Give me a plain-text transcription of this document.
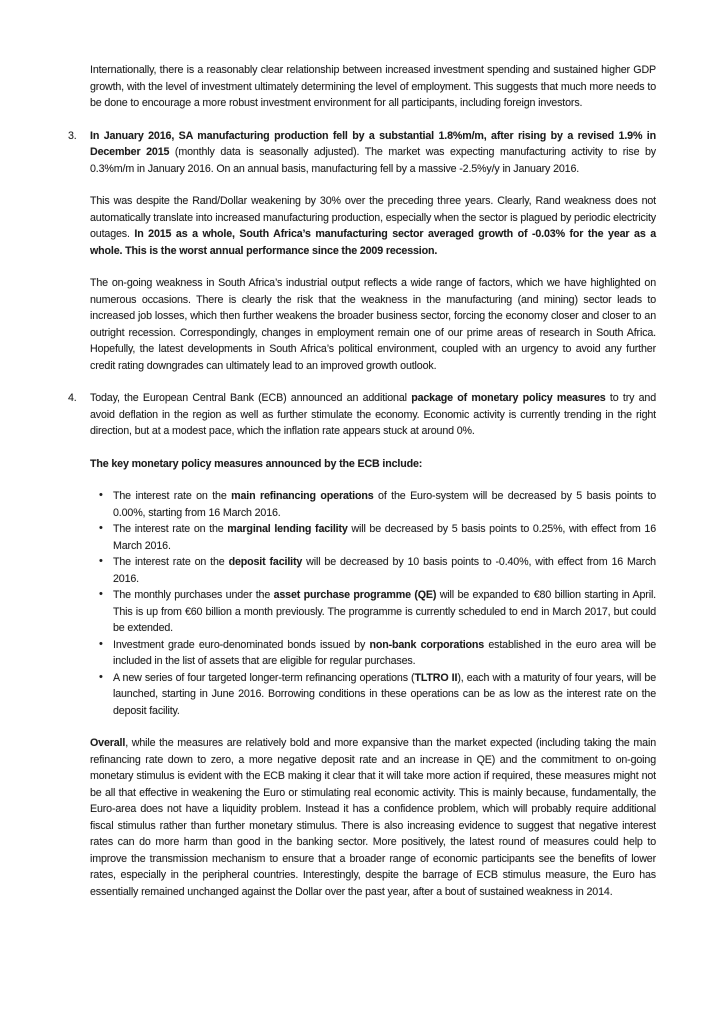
Internationally, there is a reasonably clear relationship between increased investment spending and sustained higher GDP growth, with the level of investment ultimately determining the level of employment. This suggests that much more needs to be done to encourage a more robust investment environment for all participants, including foreign investors.
3. In January 2016, SA manufacturing production fell by a substantial 1.8%m/m, after rising by a revised 1.9% in December 2015 (monthly data is seasonally adjusted). The market was expecting manufacturing activity to rise by 0.3%m/m in January 2016. On an annual basis, manufacturing fell by a massive -2.5%y/y in January 2016.
This was despite the Rand/Dollar weakening by 30% over the preceding three years. Clearly, Rand weakness does not automatically translate into increased manufacturing production, especially when the sector is plagued by periodic electricity outages. In 2015 as a whole, South Africa’s manufacturing sector averaged growth of -0.03% for the year as a whole. This is the worst annual performance since the 2009 recession.
The on-going weakness in South Africa’s industrial output reflects a wide range of factors, which we have highlighted on numerous occasions. There is clearly the risk that the weakness in the manufacturing (and mining) sector leads to increased job losses, which then further weakens the broader business sector, forcing the economy closer and closer to an outright recession. Correspondingly, changes in employment remain one of our prime areas of research in South Africa. Hopefully, the latest developments in South Africa’s political environment, coupled with an urgency to avoid any further credit rating downgrades can ultimately lead to an improved growth outlook.
4. Today, the European Central Bank (ECB) announced an additional package of monetary policy measures to try and avoid deflation in the region as well as further stimulate the economy. Economic activity is currently trending in the right direction, but at a modest pace, which the inflation rate appears stuck at around 0%.
The key monetary policy measures announced by the ECB include:
• The interest rate on the main refinancing operations of the Euro-system will be decreased by 5 basis points to 0.00%, starting from 16 March 2016.
• The interest rate on the marginal lending facility will be decreased by 5 basis points to 0.25%, with effect from 16 March 2016.
• The interest rate on the deposit facility will be decreased by 10 basis points to -0.40%, with effect from 16 March 2016.
• The monthly purchases under the asset purchase programme (QE) will be expanded to €80 billion starting in April. This is up from €60 billion a month previously. The programme is currently scheduled to end in March 2017, but could be extended.
• Investment grade euro-denominated bonds issued by non-bank corporations established in the euro area will be included in the list of assets that are eligible for regular purchases.
• A new series of four targeted longer-term refinancing operations (TLTRO II), each with a maturity of four years, will be launched, starting in June 2016. Borrowing conditions in these operations can be as low as the interest rate on the deposit facility.
Overall, while the measures are relatively bold and more expansive than the market expected (including taking the main refinancing rate down to zero, a more negative deposit rate and an increase in QE) and the commitment to on-going monetary stimulus is evident with the ECB making it clear that it will take more action if required, these measures might not be all that effective in weakening the Euro or stimulating real economic activity. This is mainly because, fundamentally, the Euro-area does not have a liquidity problem. Instead it has a confidence problem, which will probably require additional fiscal stimulus rather than further monetary stimulus. There is also increasing evidence to suggest that negative interest rates can do more harm than good in the banking sector. More positively, the latest round of measures could help to improve the transmission mechanism to ensure that a broader range of economic participants see the benefits of lower rates, especially in the peripheral countries. Interestingly, despite the barrage of ECB stimulus measure, the Euro has essentially remained unchanged against the Dollar over the past year, after a bout of sustained weakness in 2014.
